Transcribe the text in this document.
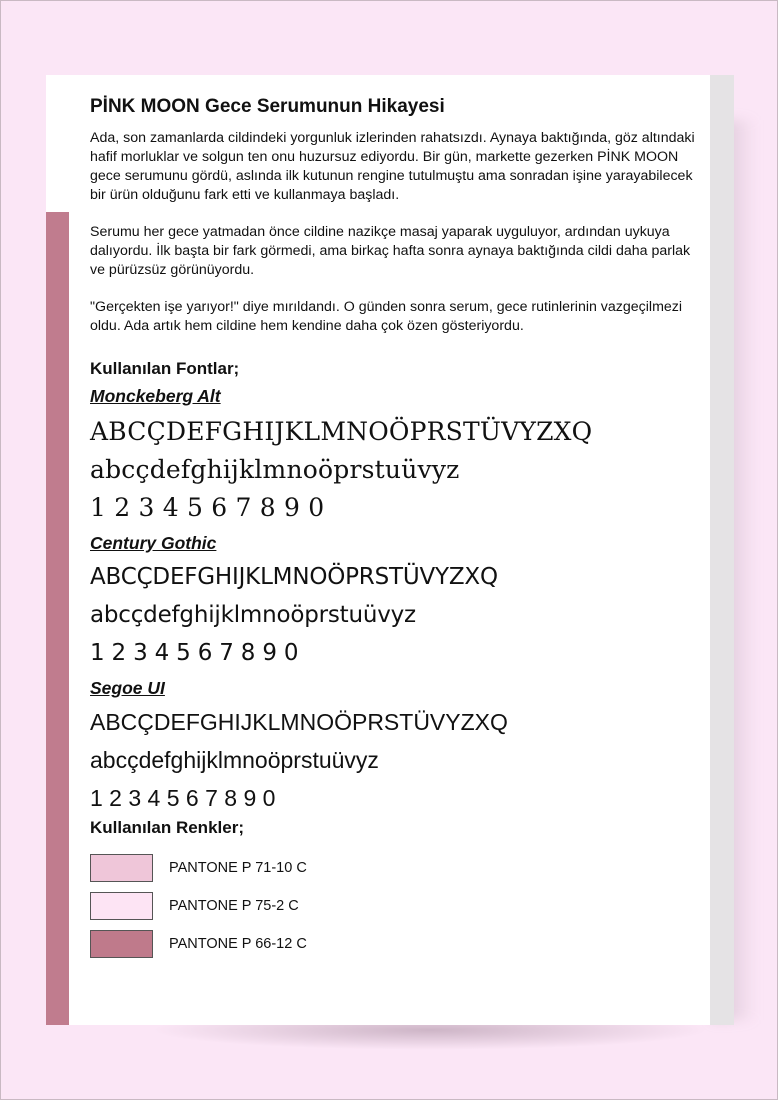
PİNK MOON Gece Serumunun Hikayesi

Ada, son zamanlarda cildindeki yorgunluk izlerinden rahatsızdı. Aynaya baktığında, göz altındaki hafif morluklar ve solgun ten onu huzursuz ediyordu. Bir gün, markette gezerken PİNK MOON gece serumunu gördü, aslında ilk kutunun rengine tutulmuştu ama sonradan işine yarayabilecek bir ürün olduğunu fark etti ve kullanmaya başladı.

Serumu her gece yatmadan önce cildine nazikçe masaj yaparak uyguluyor, ardından uykuya dalıyordu. İlk başta bir fark görmedi, ama birkaç hafta sonra aynaya baktığında cildi daha parlak ve pürüzsüz görünüyordu.

"Gerçekten işe yarıyor!" diye mırıldandı. O günden sonra serum, gece rutinlerinin vazgeçilmezi oldu. Ada artık hem cildine hem kendine daha çok özen gösteriyordu.

Kullanılan Fontlar;

Monckeberg Alt

ABCÇDEFGHIJKLMNOÖPRSTÜVYZXQ

abcçdefghijklmnoöprstuüvyz

1 2 3 4 5 6 7 8 9 0

Century Gothic

ABCÇDEFGHIJKLMNOÖPRSTÜVYZXQ

abcçdefghijklmnoöprstuüvyz

1 2 3 4 5 6 7 8 9 0

Segoe UI

ABCÇDEFGHIJKLMNOÖPRSTÜVYZXQ

abcçdefghijklmnoöprstuüvyz

1 2 3 4 5 6 7 8 9 0

Kullanılan Renkler;
PANTONE P 71-10 C
PANTONE P 75-2 C
PANTONE P 66-12 C
